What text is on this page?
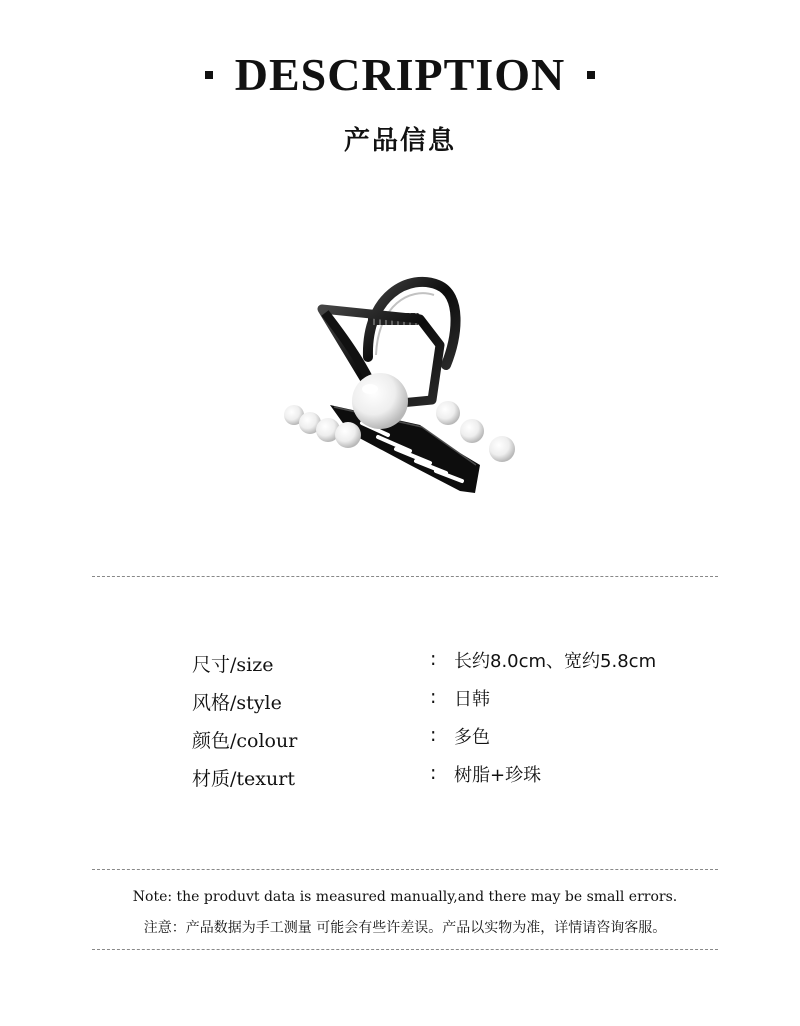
DESCRIPTION
产品信息
尺寸/size	: 长约8.0cm、宽约5.8cm
风格/style	: 日韩
颜色/colour	: 多色
材质/texurt	: 树脂+珍珠
Note: the produvt data is measured manually,and there may be small errors.
注意：产品数据为手工测量 可能会有些许差误。产品以实物为准，详情请咨询客服。
